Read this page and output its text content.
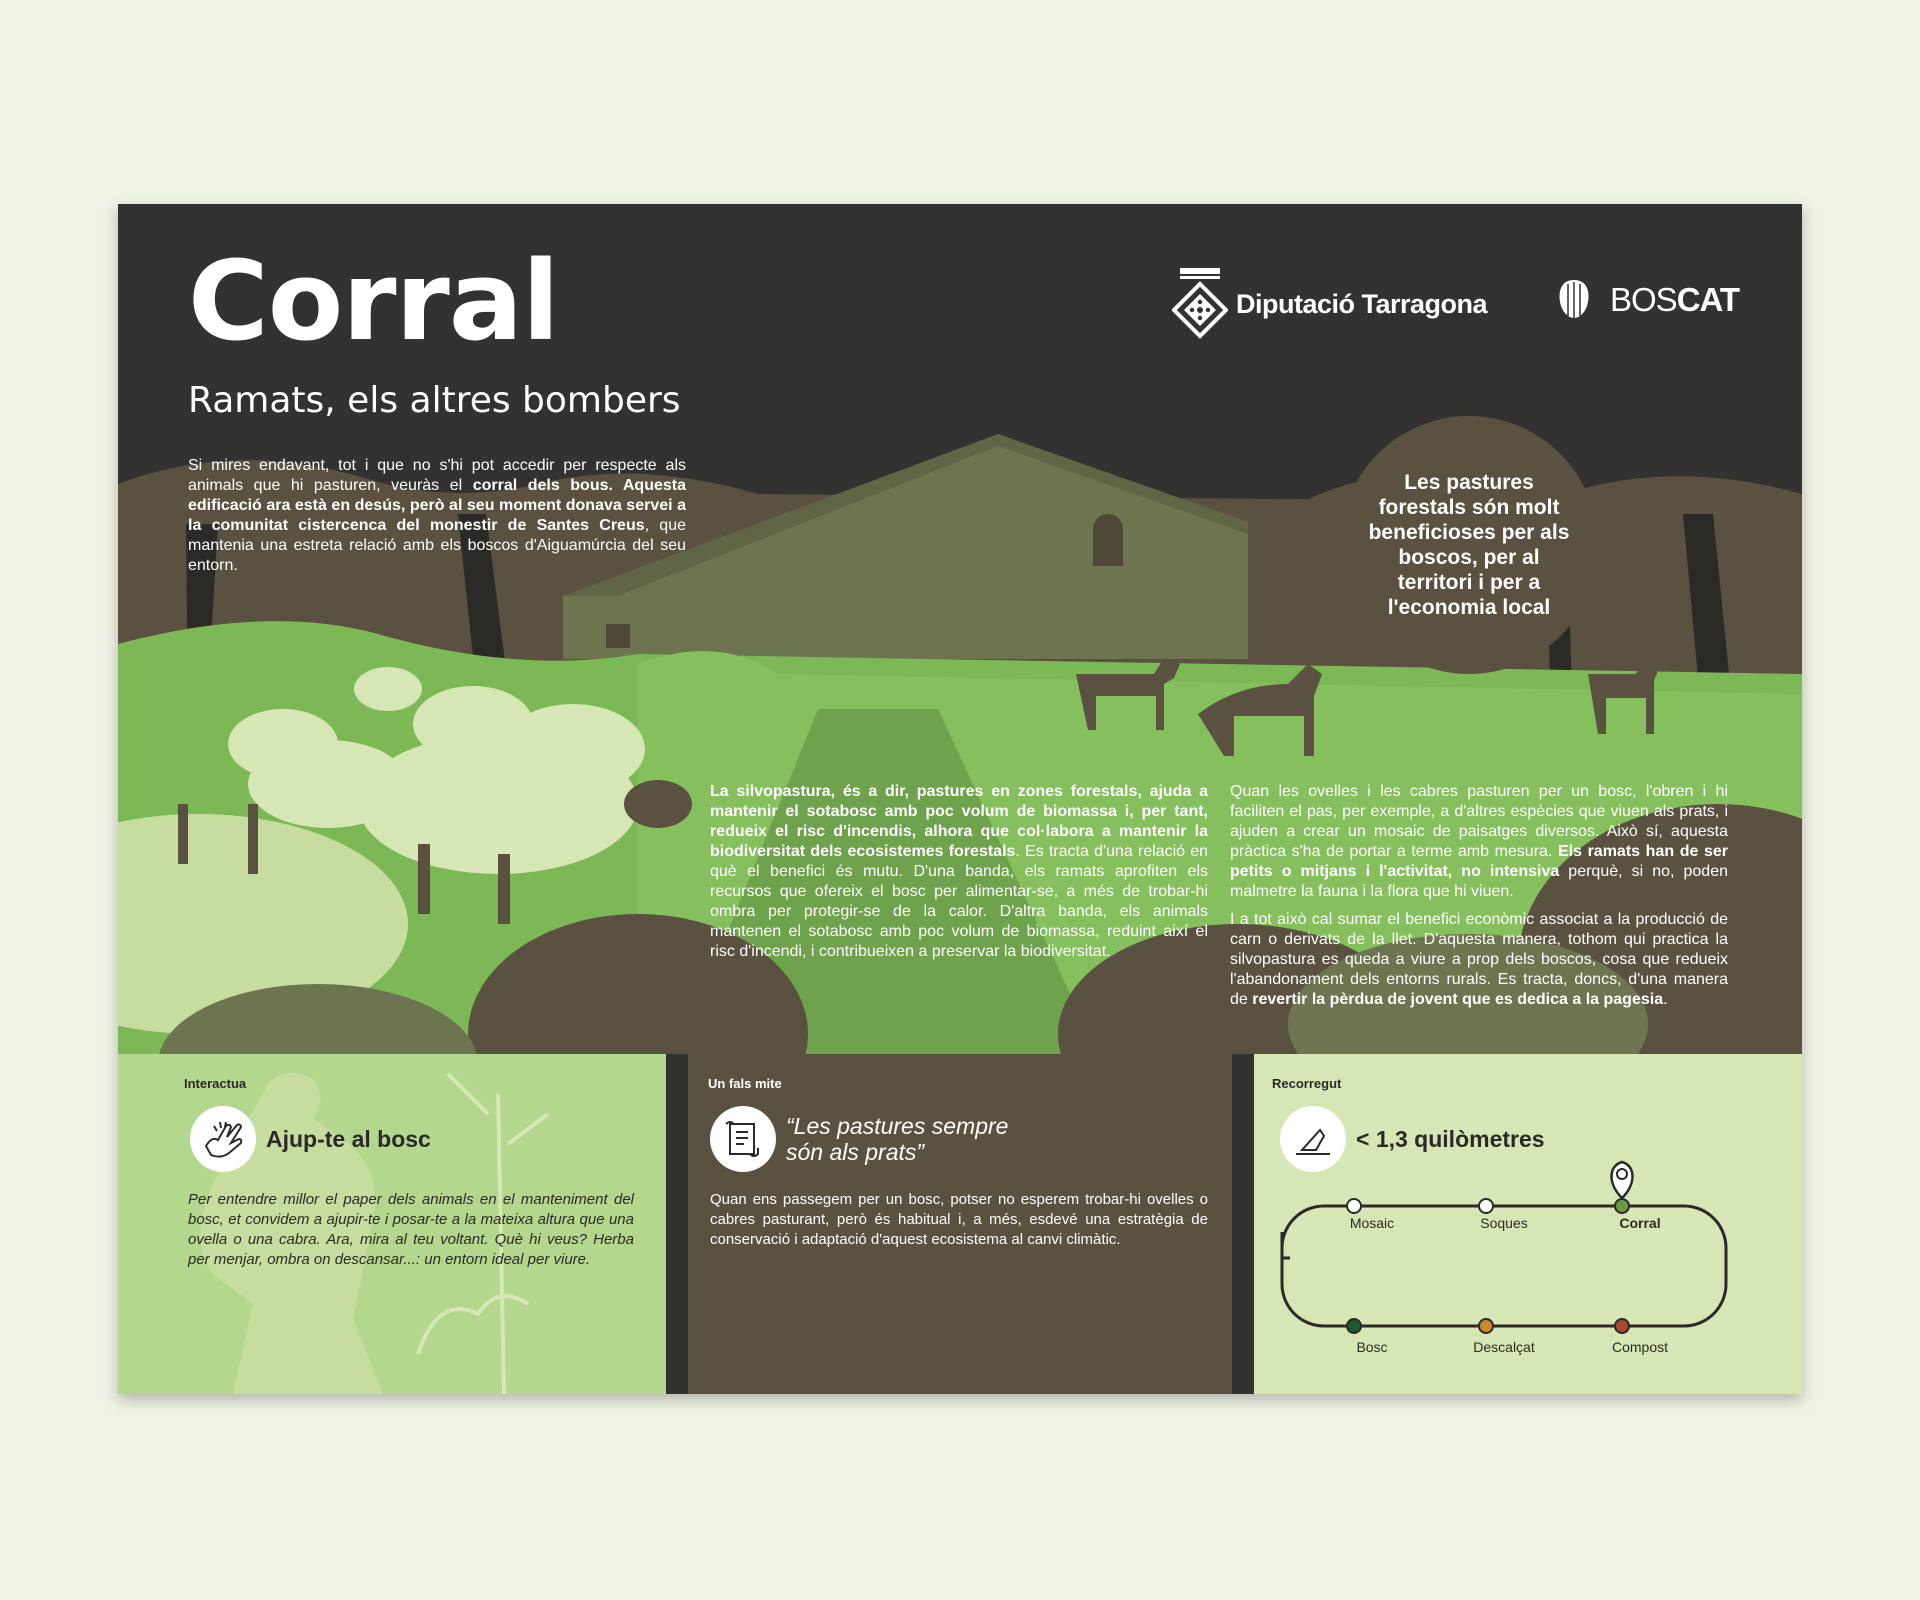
Corral

Ramats, els altres bombers

Diputació Tarragona	BOSCAT

Si mires endavant, tot i que no s'hi pot accedir per respecte als animals que hi pasturen, veuràs el corral dels bous. Aquesta edificació ara està en desús, però al seu moment donava servei a la comunitat cistercenca del monestir de Santes Creus, que mantenia una estreta relació amb els boscos d'Aiguamúrcia del seu entorn.

Les pastures forestals són molt beneficioses per als boscos, per al territori i per a l'economia local

La silvopastura, és a dir, pastures en zones forestals, ajuda a mantenir el sotabosc amb poc volum de biomassa i, per tant, redueix el risc d'incendis, alhora que col·labora a mantenir la biodiversitat dels ecosistemes forestals. Es tracta d'una relació en què el benefici és mutu. D'una banda, els ramats aprofiten els recursos que ofereix el bosc per alimentar-se, a més de trobar-hi ombra per protegir-se de la calor. D'altra banda, els animals mantenen el sotabosc amb poc volum de biomassa, reduint així el risc d'incendi, i contribueixen a preservar la biodiversitat.

Quan les ovelles i les cabres pasturen per un bosc, l'obren i hi faciliten el pas, per exemple, a d'altres espècies que viuen als prats, i ajuden a crear un mosaic de paisatges diversos. Això sí, aquesta pràctica s'ha de portar a terme amb mesura. Els ramats han de ser petits o mitjans i l'activitat, no intensiva perquè, si no, poden malmetre la fauna i la flora que hi viuen.

I a tot això cal sumar el benefici econòmic associat a la producció de carn o derivats de la llet. D'aquesta manera, tothom qui practica la silvopastura es queda a viure a prop dels boscos, cosa que redueix l'abandonament dels entorns rurals. Es tracta, doncs, d'una manera de revertir la pèrdua de jovent que es dedica a la pagesia.

Interactua
Ajup-te al bosc

Per entendre millor el paper dels animals en el manteniment del bosc, et convidem a ajupir-te i posar-te a la mateixa altura que una ovella o una cabra. Ara, mira al teu voltant. Què hi veus? Herba per menjar, ombra on descansar...: un entorn ideal per viure.

Un fals mite
“Les pastures sempre són als prats”

Quan ens passegem per un bosc, potser no esperem trobar-hi ovelles o cabres pasturant, però és habitual i, a més, esdevé una estratègia de conservació i adaptació d'aquest ecosistema al canvi climàtic.

Recorregut
< 1,3 quilòmetres
Mosaic	Soques	Corral
Bosc	Descalçat	Compost
